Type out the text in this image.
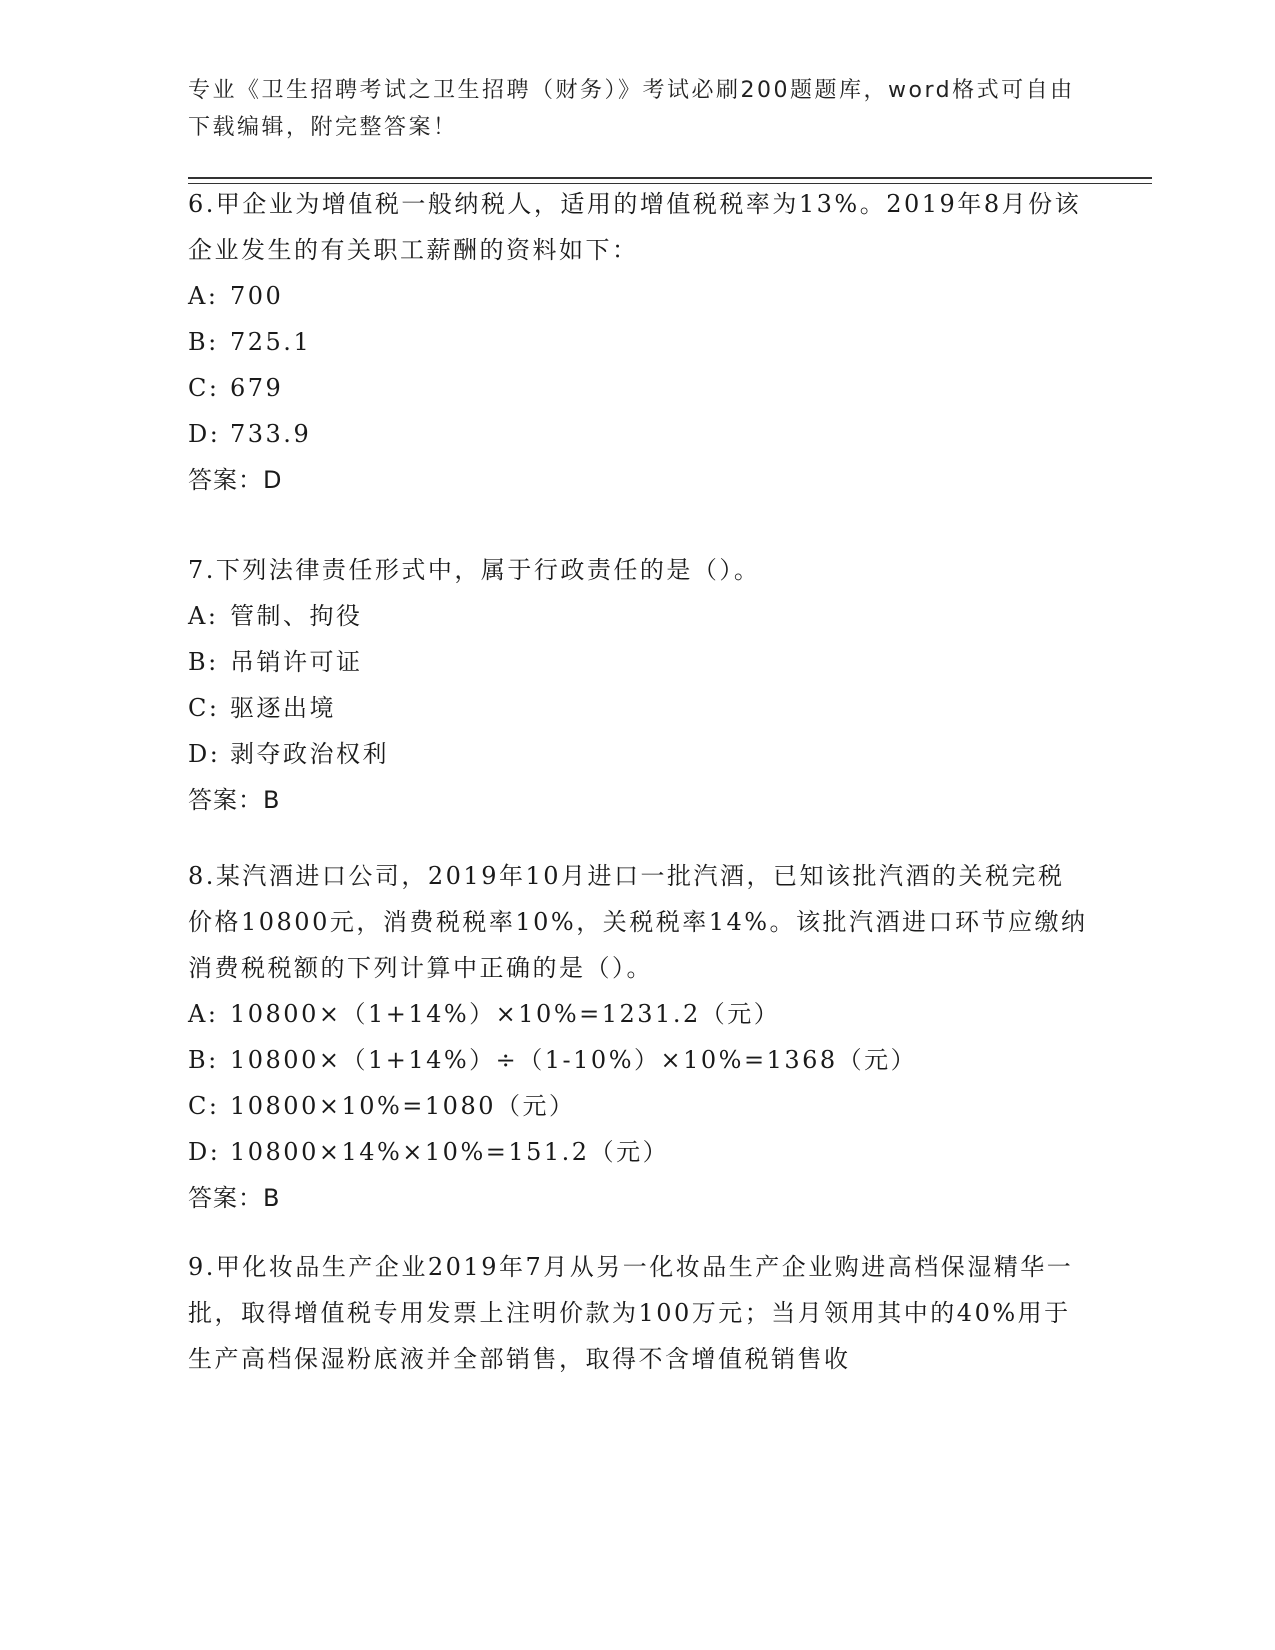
专业《卫生招聘考试之卫生招聘（财务）》考试必刷200题题库，word格式可自由下载编辑，附完整答案！
6.甲企业为增值税一般纳税人，适用的增值税税率为13%。2019年8月份该企业发生的有关职工薪酬的资料如下：
A: 700
B: 725.1
C: 679
D: 733.9
答案：D
7.下列法律责任形式中，属于行政责任的是（）。
A: 管制、拘役
B: 吊销许可证
C: 驱逐出境
D: 剥夺政治权利
答案：B
8.某汽酒进口公司，2019年10月进口一批汽酒，已知该批汽酒的关税完税价格10800元，消费税税率10%，关税税率14%。该批汽酒进口环节应缴纳消费税税额的下列计算中正确的是（）。
A: 10800×（1+14%）×10%=1231.2（元）
B: 10800×（1+14%）÷（1-10%）×10%=1368（元）
C: 10800×10%=1080（元）
D: 10800×14%×10%=151.2（元）
答案：B
9.甲化妆品生产企业2019年7月从另一化妆品生产企业购进高档保湿精华一批，取得增值税专用发票上注明价款为100万元；当月领用其中的40%用于生产高档保湿粉底液并全部销售，取得不含增值税销售收
